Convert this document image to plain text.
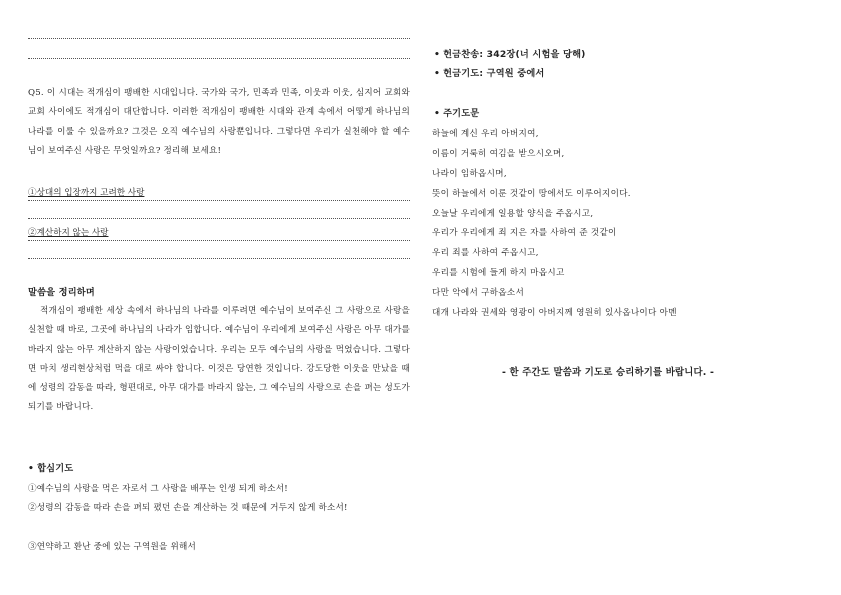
Q5. 이 시대는 적개심이 팽배한 시대입니다. 국가와 국가, 민족과 민족, 이웃과 이웃, 심지어 교회와 교회 사이에도 적개심이 대단합니다. 이러한 적개심이 팽배한 시대와 관계 속에서 어떻게 하나님의 나라를 이룰 수 있을까요? 그것은 오직 예수님의 사랑뿐입니다. 그렇다면 우리가 실천해야 할 예수님이 보여주신 사랑은 무엇일까요? 정리해 보세요!
①상대의 입장까지 고려한 사랑
②계산하지 않는 사랑
말씀을 정리하며
적개심이 팽배한 세상 속에서 하나님의 나라를 이루려면 예수님이 보여주신 그 사랑으로 사랑을 실천할 때 바로, 그곳에 하나님의 나라가 임합니다. 예수님이 우리에게 보여주신 사랑은 아무 대가를 바라지 않는 아무 계산하지 않는 사랑이었습니다. 우리는 모두 예수님의 사랑을 먹었습니다. 그렇다면 마치 생리현상처럼 먹을 대로 싸야 합니다. 이것은 당연한 것입니다. 강도당한 이웃을 만났을 때에 성령의 감동을 따라, 형편대로, 아무 대가를 바라지 않는, 그 예수님의 사랑으로 손을 펴는 성도가 되기를 바랍니다.
• 합심기도
①예수님의 사랑을 먹은 자로서 그 사랑을 배푸는 인생 되게 하소서!
②성령의 감동을 따라 손을 펴되 폈던 손을 계산하는 것 때문에 거두지 않게 하소서!
③연약하고 환난 중에 있는 구역원을 위해서
• 헌금찬송: 342장(너 시험을 당해)
• 헌금기도: 구역원 중에서
• 주기도문
하늘에 계신 우리 아버지여,
이름이 거룩히 여김을 받으시오며,
나라이 임하옵시며,
뜻이 하늘에서 이룬 것같이 땅에서도 이루어지이다.
오늘날 우리에게 일용할 양식을 주옵시고,
우리가 우리에게 죄 지은 자를 사하여 준 것같이
우리 죄를 사하여 주옵시고,
우리를 시험에 들게 하지 마옵시고
다만 악에서 구하옵소서
대개 나라와 권세와 영광이 아버지께 영원히 있사옵나이다 아멘
- 한 주간도 말씀과 기도로 승리하기를 바랍니다. -
